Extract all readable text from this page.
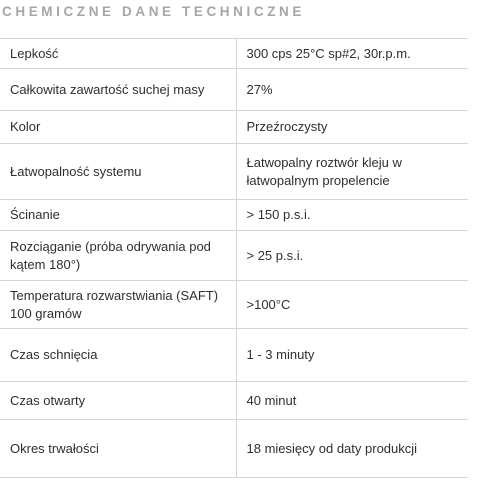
CHEMICZNE DANE TECHNICZNE
Lepkość	300 cps 25°C sp#2, 30r.p.m.
Całkowita zawartość suchej masy	27%
Kolor	Przeźroczysty
Łatwopalność systemu	Łatwopalny roztwór kleju w łatwopalnym propelencie
Ścinanie	> 150 p.s.i.
Rozciąganie (próba odrywania pod kątem 180°)	> 25 p.s.i.
Temperatura rozwarstwiania (SAFT) 100 gramów	>100°C
Czas schnięcia	1 - 3 minuty
Czas otwarty	40 minut
Okres trwałości	18 miesięcy od daty produkcji
